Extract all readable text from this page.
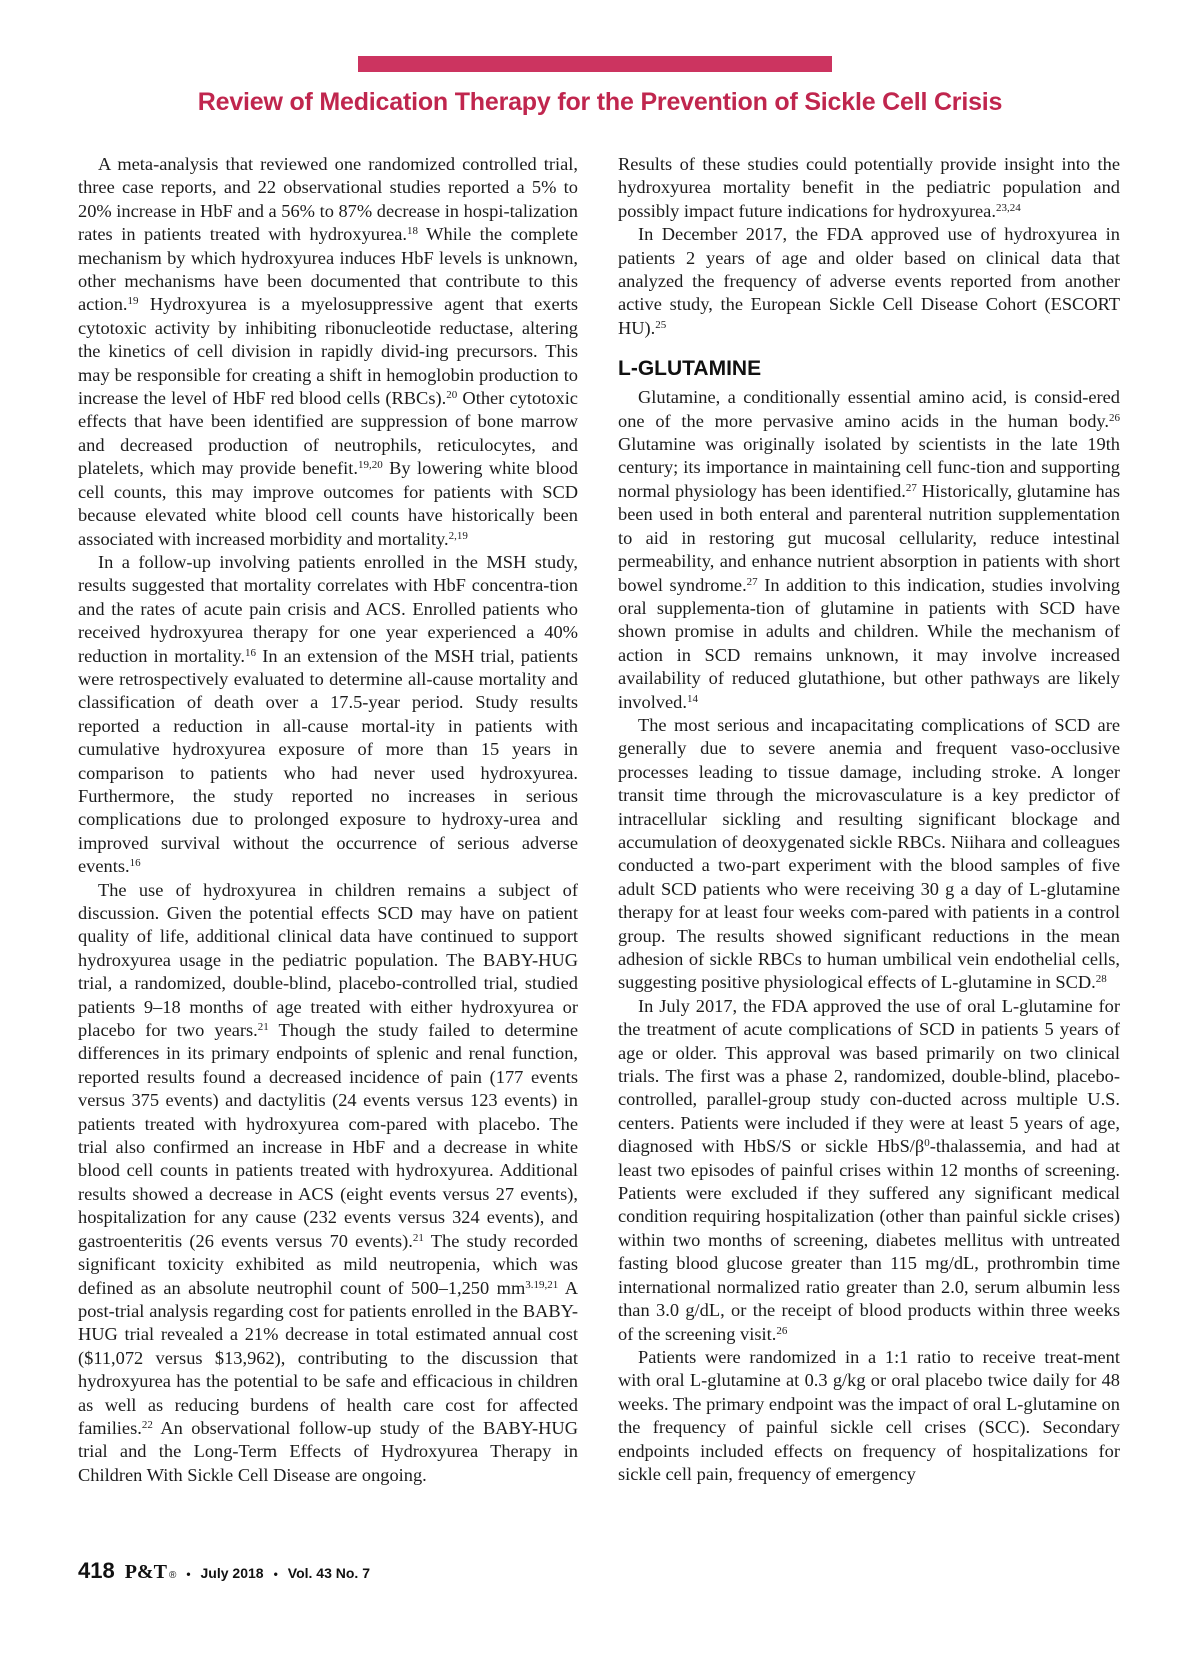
Review of Medication Therapy for the Prevention of Sickle Cell Crisis

A meta-analysis that reviewed one randomized controlled trial, three case reports, and 22 observational studies reported a 5% to 20% increase in HbF and a 56% to 87% decrease in hospi-talization rates in patients treated with hydroxyurea.$^{18}$ While the complete mechanism by which hydroxyurea induces HbF levels is unknown, other mechanisms have been documented that contribute to this action.$^{19}$ Hydroxyurea is a myelosuppressive agent that exerts cytotoxic activity by inhibiting ribonucleotide reductase, altering the kinetics of cell division in rapidly divid-ing precursors. This may be responsible for creating a shift in hemoglobin production to increase the level of HbF red blood cells (RBCs).$^{20}$ Other cytotoxic effects that have been identified are suppression of bone marrow and decreased production of neutrophils, reticulocytes, and platelets, which may provide benefit.$^{19,20}$ By lowering white blood cell counts, this may improve outcomes for patients with SCD because elevated white blood cell counts have historically been associated with increased morbidity and mortality.$^{2,19}$

In a follow-up involving patients enrolled in the MSH study, results suggested that mortality correlates with HbF concentra-tion and the rates of acute pain crisis and ACS. Enrolled patients who received hydroxyurea therapy for one year experienced a 40% reduction in mortality.$^{16}$ In an extension of the MSH trial, patients were retrospectively evaluated to determine all-cause mortality and classification of death over a 17.5-year period. Study results reported a reduction in all-cause mortal-ity in patients with cumulative hydroxyurea exposure of more than 15 years in comparison to patients who had never used hydroxyurea. Furthermore, the study reported no increases in serious complications due to prolonged exposure to hydroxy-urea and improved survival without the occurrence of serious adverse events.$^{16}$

The use of hydroxyurea in children remains a subject of discussion. Given the potential effects SCD may have on patient quality of life, additional clinical data have continued to support hydroxyurea usage in the pediatric population. The BABY-HUG trial, a randomized, double-blind, placebo-controlled trial, studied patients 9–18 months of age treated with either hydroxyurea or placebo for two years.$^{21}$ Though the study failed to determine differences in its primary endpoints of splenic and renal function, reported results found a decreased incidence of pain (177 events versus 375 events) and dactylitis (24 events versus 123 events) in patients treated with hydroxyurea com-pared with placebo. The trial also confirmed an increase in HbF and a decrease in white blood cell counts in patients treated with hydroxyurea. Additional results showed a decrease in ACS (eight events versus 27 events), hospitalization for any cause (232 events versus 324 events), and gastroenteritis (26 events versus 70 events).$^{21}$ The study recorded significant toxicity exhibited as mild neutropenia, which was defined as an absolute neutrophil count of 500–1,250 $mm^{3.19,21}$ A post-trial analysis regarding cost for patients enrolled in the BABY-HUG trial revealed a 21% decrease in total estimated annual cost ($11,072 versus $13,962), contributing to the discussion that hydroxyurea has the potential to be safe and efficacious in children as well as reducing burdens of health care cost for affected families.$^{22}$ An observational follow-up study of the BABY-HUG trial and the Long-Term Effects of Hydroxyurea Therapy in Children With Sickle Cell Disease are ongoing.

Results of these studies could potentially provide insight into the hydroxyurea mortality benefit in the pediatric population and possibly impact future indications for hydroxyurea.$^{23,24}$

In December 2017, the FDA approved use of hydroxyurea in patients 2 years of age and older based on clinical data that analyzed the frequency of adverse events reported from another active study, the European Sickle Cell Disease Cohort (ESCORT HU).$^{25}$

L-GLUTAMINE

Glutamine, a conditionally essential amino acid, is consid-ered one of the more pervasive amino acids in the human body.$^{26}$ Glutamine was originally isolated by scientists in the late 19th century; its importance in maintaining cell func-tion and supporting normal physiology has been identified.$^{27}$ Historically, glutamine has been used in both enteral and parenteral nutrition supplementation to aid in restoring gut mucosal cellularity, reduce intestinal permeability, and enhance nutrient absorption in patients with short bowel syndrome.$^{27}$ In addition to this indication, studies involving oral supplementa-tion of glutamine in patients with SCD have shown promise in adults and children. While the mechanism of action in SCD remains unknown, it may involve increased availability of reduced glutathione, but other pathways are likely involved.$^{14}$

The most serious and incapacitating complications of SCD are generally due to severe anemia and frequent vaso-occlusive processes leading to tissue damage, including stroke. A longer transit time through the microvasculature is a key predictor of intracellular sickling and resulting significant blockage and accumulation of deoxygenated sickle RBCs. Niihara and colleagues conducted a two-part experiment with the blood samples of five adult SCD patients who were receiving 30 g a day of L-glutamine therapy for at least four weeks com-pared with patients in a control group. The results showed significant reductions in the mean adhesion of sickle RBCs to human umbilical vein endothelial cells, suggesting positive physiological effects of L-glutamine in SCD.$^{28}$

In July 2017, the FDA approved the use of oral L-glutamine for the treatment of acute complications of SCD in patients 5 years of age or older. This approval was based primarily on two clinical trials. The first was a phase 2, randomized, double-blind, placebo-controlled, parallel-group study con-ducted across multiple U.S. centers. Patients were included if they were at least 5 years of age, diagnosed with HbS/S or sickle HbS/$\beta^0$-thalassemia, and had at least two episodes of painful crises within 12 months of screening. Patients were excluded if they suffered any significant medical condition requiring hospitalization (other than painful sickle crises) within two months of screening, diabetes mellitus with untreated fasting blood glucose greater than 115 mg/dL, prothrombin time international normalized ratio greater than 2.0, serum albumin less than 3.0 g/dL, or the receipt of blood products within three weeks of the screening visit.$^{26}$

Patients were randomized in a 1:1 ratio to receive treat-ment with oral L-glutamine at 0.3 g/kg or oral placebo twice daily for 48 weeks. The primary endpoint was the impact of oral L-glutamine on the frequency of painful sickle cell crises (SCC). Secondary endpoints included effects on frequency of hospitalizations for sickle cell pain, frequency of emergency

418 P&T ® • July 2018 • Vol. 43 No. 7
